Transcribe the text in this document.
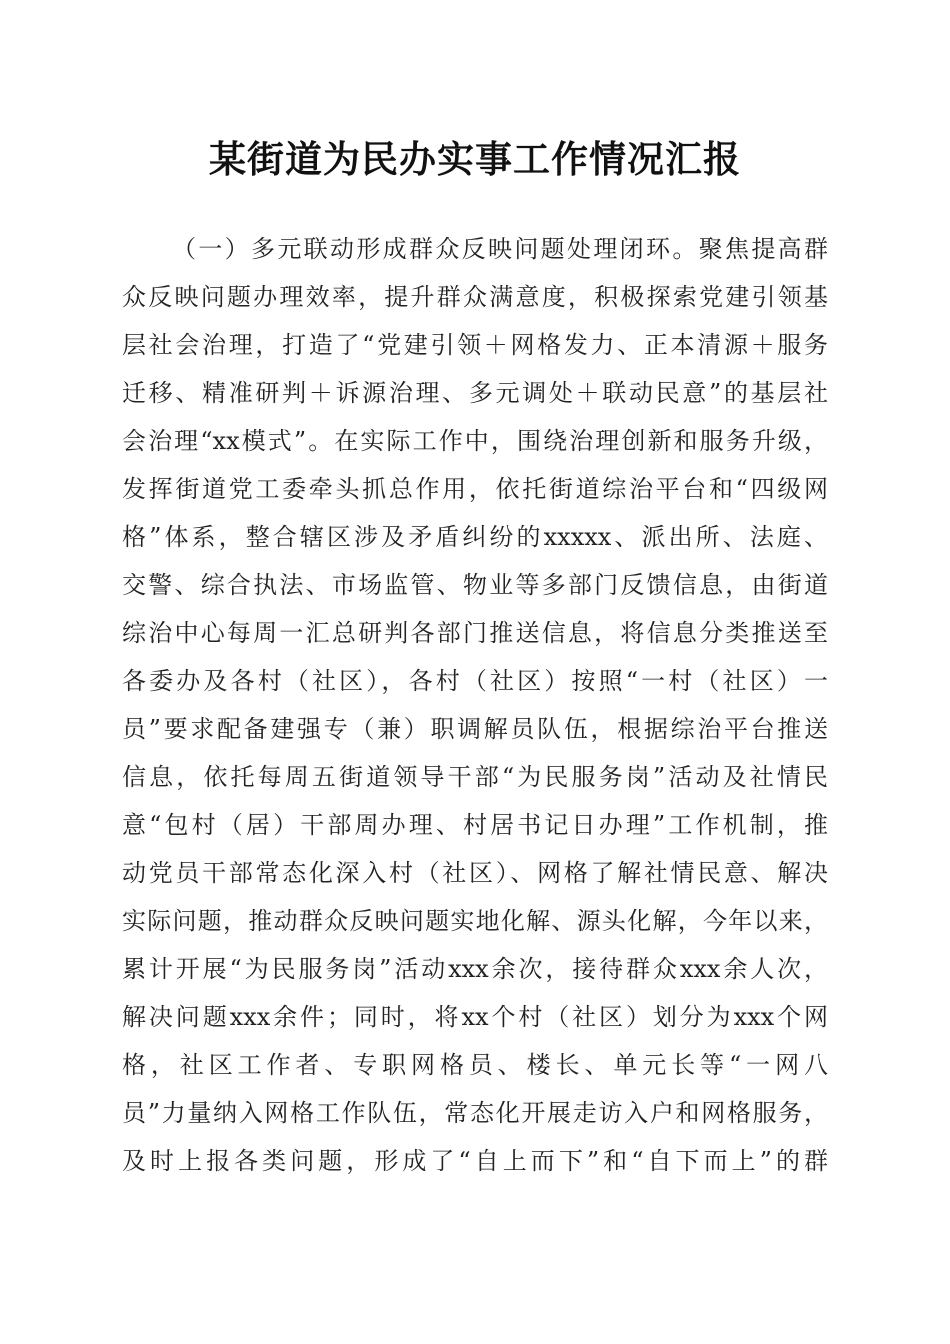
某街道为民办实事工作情况汇报
（一）多元联动形成群众反映问题处理闭环。聚焦提高群
众反映问题办理效率，提升群众满意度，积极探索党建引领基
层社会治理，打造了“党建引领＋网格发力、正本清源＋服务
迁移、精准研判＋诉源治理、多元调处＋联动民意”的基层社
会治理“xx模式”。在实际工作中，围绕治理创新和服务升级，
发挥街道党工委牵头抓总作用，依托街道综治平台和“四级网
格”体系，整合辖区涉及矛盾纠纷的xxxxx、派出所、法庭、
交警、综合执法、市场监管、物业等多部门反馈信息，由街道
综治中心每周一汇总研判各部门推送信息，将信息分类推送至
各委办及各村（社区），各村（社区）按照“一村（社区）一
员”要求配备建强专（兼）职调解员队伍，根据综治平台推送
信息，依托每周五街道领导干部“为民服务岗”活动及社情民
意“包村（居）干部周办理、村居书记日办理”工作机制，推
动党员干部常态化深入村（社区）、网格了解社情民意、解决
实际问题，推动群众反映问题实地化解、源头化解，今年以来，
累计开展“为民服务岗”活动xxx余次，接待群众xxx余人次，
解决问题xxx余件；同时，将xx个村（社区）划分为xxx个网
格，社区工作者、专职网格员、楼长、单元长等“一网八
员”力量纳入网格工作队伍，常态化开展走访入户和网格服务，
及时上报各类问题，形成了“自上而下”和“自下而上”的群
